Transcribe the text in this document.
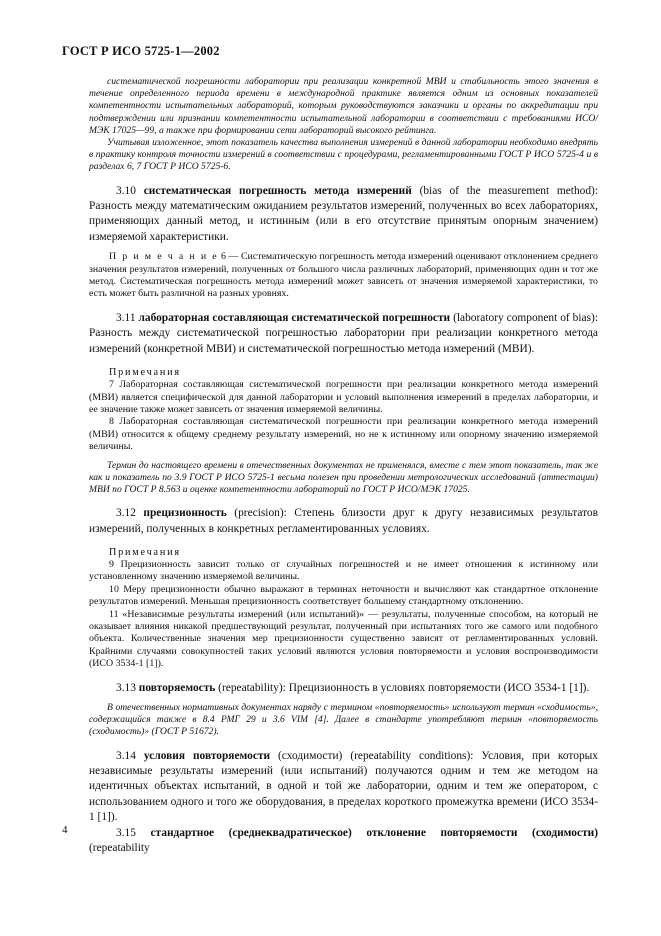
ГОСТ Р ИСО 5725-1—2002

систематической погрешности лаборатории при реализации конкретной МВИ и стабильность этого значения в течение определенного периода времени в международной практике является одним из основных показателей компетентности испытательных лабораторий, которым руководствуются заказчики и органы по аккредитации при подтверждении или признании компетентности испытательной лаборатории в соответствии с требованиями ИСО/МЭК 17025—99, а также при формировании сети лабораторий высокого рейтинга.

Учитывая изложенное, этот показатель качества выполнения измерений в данной лаборатории необходимо внедрять в практику контроля точности измерений в соответствии с процедурами, регламентированными ГОСТ Р ИСО 5725-4 и в разделах 6, 7 ГОСТ Р ИСО 5725-6.

3.10 систематическая погрешность метода измерений (bias of the measurement method): Разность между математическим ожиданием результатов измерений, полученных во всех лабораториях, применяющих данный метод, и истинным (или в его отсутствие принятым опорным значением) измеряемой характеристики.

П р и м е ч а н и е 6 — Систематическую погрешность метода измерений оценивают отклонением среднего значения результатов измерений, полученных от большого числа различных лабораторий, применяющих один и тот же метод. Систематическая погрешность метода измерений может зависеть от значения измеряемой характеристики, то есть может быть различной на разных уровнях.

3.11 лабораторная составляющая систематической погрешности (laboratory component of bias): Разность между систематической погрешностью лаборатории при реализации конкретного метода измерений (конкретной МВИ) и систематической погрешностью метода измерений (МВИ).

Примечания

7 Лабораторная составляющая систематической погрешности при реализации конкретного метода измерений (МВИ) является специфической для данной лаборатории и условий выполнения измерений в пределах лаборатории, и ее значение также может зависеть от значения измеряемой величины.

8 Лабораторная составляющая систематической погрешности при реализации конкретного метода измерений (МВИ) относится к общему среднему результату измерений, но не к истинному или опорному значению измеряемой величины.

Термин до настоящего времени в отечественных документах не применялся, вместе с тем этот показатель, так же как и показатель по 3.9 ГОСТ Р ИСО 5725-1 весьма полезен при проведении метрологических исследований (аттестации) МВИ по ГОСТ Р 8.563 и оценке компетентности лабораторий по ГОСТ Р ИСО/МЭК 17025.

3.12 прецизионность (precision): Степень близости друг к другу независимых результатов измерений, полученных в конкретных регламентированных условиях.

Примечания

9 Прецизионность зависит только от случайных погрешностей и не имеет отношения к истинному или установленному значению измеряемой величины.

10 Меру прецизионности обычно выражают в терминах неточности и вычисляют как стандартное отклонение результатов измерений. Меньшая прецизионность соответствует большему стандартному отклонению.

11 «Независимые результаты измерений (или испытаний)» — результаты, полученные способом, на который не оказывает влияния никакой предшествующий результат, полученный при испытаниях того же самого или подобного объекта. Количественные значения мер прецизионности существенно зависят от регламентированных условий. Крайними случаями совокупностей таких условий являются условия повторяемости и условия воспроизводимости (ИСО 3534-1 [1]).

3.13 повторяемость (repeatability): Прецизионность в условиях повторяемости (ИСО 3534-1 [1]).

В отечественных нормативных документах наряду с термином «повторяемость» используют термин «сходимость», содержащийся также в 8.4 РМГ 29 и 3.6 VIM [4]. Далее в стандарте употребляют термин «повторяемость (сходимость)» (ГОСТ Р 51672).

3.14 условия повторяемости (сходимости) (repeatability conditions): Условия, при которых независимые результаты измерений (или испытаний) получаются одним и тем же методом на идентичных объектах испытаний, в одной и той же лаборатории, одним и тем же оператором, с использованием одного и того же оборудования, в пределах короткого промежутка времени (ИСО 3534-1 [1]).

3.15 стандартное (среднеквадратическое) отклонение повторяемости (сходимости) (repeatability

4
